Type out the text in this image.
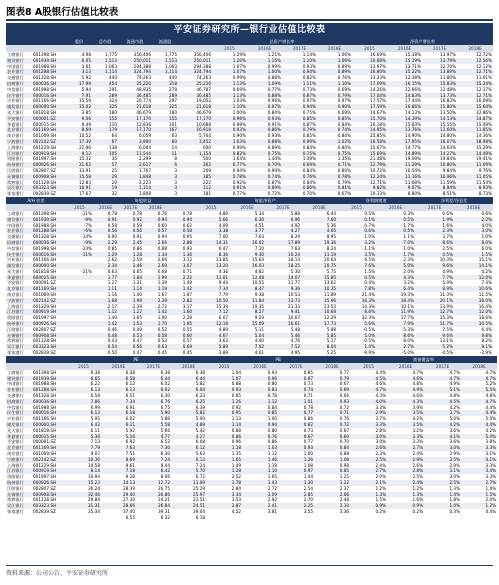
图表8 A股银行估值比较表
平安证券研究所—银行业估值比较表
		股价	总市值	流通市值	流通股		总资产增长率				净资产增长率			
							2015	2016E	2017E	2018E	2015	2016E	2017E	2018E
工商银行	601398.SH	4.98	1,775	356,406	1,775	356,406	1.29%	1.21%	1.14%	1.06%	16.69%	15.38%	13.97%	12.72%
建设银行	601939.SH	6.05	1,513	250,011	1,513	250,011	1.20%	1.15%	1.10%	1.06%	16.68%	15.19%	13.79%	12.56%
中国银行	601988.SH	3.61	1,063	294,388	1,063	294,388	1.07%	0.99%	0.93%	0.89%	13.97%	13.71%	12.70%	12.12%
农业银行	601288.SH	3.13	1,114	324,794	1,114	324,794	1.07%	1.00%	0.94%	0.89%	16.80%	15.22%	13.89%	12.71%
交通银行	601328.SH	5.92	440	74,263	440	74,263	0.99%	0.88%	0.82%	0.76%	13.23%	12.38%	11.80%	11.01%
招商银行	600036.SH	17.99	454	25,220	318	25,220	1.13%	1.09%	1.11%	1.10%	17.09%	16.15%	15.83%	15.24%
中信银行	601998.SH	5.94	291	48,935	278	46,787	0.69%	0.77%	0.73%	0.69%	14.26%	12.66%	12.48%	12.17%
民生银行	600016.SH	7.91	289	36,485	289	36,485	1.13%	0.88%	0.87%	0.79%	17.04%	14.83%	13.73%	12.71%
兴业银行	601166.SH	15.59	324	20,774	297	19,052	1.03%	0.96%	0.97%	0.97%	17.57%	17.44%	16.83%	16.09%
浦发银行	600000.SH	15.02	325	21,618	325	21,618	1.10%	0.97%	0.94%	0.90%	17.59%	16.86%	15.80%	15.64%
光大银行	601818.SH	3.85	180	46,679	180	46,679	1.00%	0.84%	0.75%	0.69%	14.67%	14.13%	13.50%	12.86%
平安银行	000001.SZ	9.06	155	17,170	155	17,170	0.96%	0.93%	0.85%	0.85%	15.70%	14.39%	14.13%	14.87%
华夏银行	600015.SH	9.49	110	12,836	101	10,688	0.98%	0.91%	0.87%	0.84%	16.18%	15.83%	15.55%	15.49%
北京银行	601169.SH	8.69	179	17,170	167	16,918	0.93%	0.86%	0.79%	0.74%	14.95%	13.76%	12.60%	11.85%
南京银行	601009.SH	10.52	64	6,059	63	5,764	0.90%	0.93%	0.85%	0.84%	15.85%	14.90%	14.80%	14.36%
宁波银行	002142.SZ	17.30	67	3,900	60	3,452	1.03%	0.88%	0.99%	1.02%	16.58%	17.95%	18.07%	18.98%
上海银行	601229.SH	22.96	138	6,004	14	600	0.99%	0.89%	0.84%	0.80%	15.67%	14.77%	14.63%	15.29%
江苏银行	600919.SH	9.12	105	11,544	11	1,154	0.82%	0.75%	0.75%	0.75%	15.69%	14.89%	14.27%	14.49%
贵阳银行	601997.SH	15.32	35	2,299	8	500	1.64%	1.44%	1.39%	1.35%	21.48%	19.09%	19.84%	19.41%
杭州银行	600926.SH	21.62	57	2,617	6	262	0.77%	0.70%	0.69%	0.71%	12.79%	11.29%	10.80%	11.09%
江阴银行	002807.SZ	13.91	25	1,767	3	209	0.94%	0.99%	0.84%	0.80%	10.72%	10.54%	9.84%	9.76%
无锡银行	600908.SH	15.58	29	1,848	3	185	0.78%	0.74%	0.76%	0.78%	12.24%	11.16%	10.96%	11.05%
常熟银行	601128.SH	12.83	29	2,223	3	222	0.92%	0.87%	0.84%	0.79%	12.71%	11.68%	11.59%	11.54%
吴江银行	603323.SH	16.91	19	1,114	3	112	0.91%	0.89%	0.86%	0.81%	9.82%	9.07%	8.94%	8.93%
张家港行	002839.SZ	17.67	32	1,808	3	181	0.77%	0.72%	0.70%	0.67%	10.13%	8.80%	8.51%	8.73%
A/H 价差			每股收益				每股净资产				净利润增速		净利差/净息差	
		2015	2016E	2017E	2018E		2015	2016E	2017E	2018E	2015	2016E	2017E	2018E
工商银行	601398.SH	-11%	0.78	0.78	0.76	0.78	4.80	5.34	5.88	6.44	0.5%	0.3%	0.6%	0.6%
建设银行	601939.SH	-9%	0.91	0.92	0.94	0.94	5.66	6.30	6.96	7.60	0.1%	0.5%	1.9%	2.2%
中国银行	601988.SH	-7%	0.58	0.59	0.60	0.62	4.09	4.51	4.92	5.36	0.7%	1.7%	1.6%	4.0%
农业银行	601288.SH	-6%	0.56	0.56	0.57	0.58	3.38	3.77	4.27	4.65	0.6%	0.5%	2.3%	3.0%
交通银行	601328.SH	-14%	0.90	0.91	0.94	0.95	7.00	7.63	8.29	8.95	1.0%	1.1%	3.7%	1.0%
招商银行	600036.SH	-9%	2.29	2.45	2.66	2.88	14.31	16.02	17.89	19.36	3.2%	7.0%	8.6%	8.0%
中信银行	601998.SH	-24%	0.85	0.86	0.88	0.93	6.47	7.10	7.63	8.24	1.1%	1.0%	2.5%	6.0%
民生银行	600016.SH	-11%	1.29	1.28	1.34	1.36	8.36	9.30	10.24	11.19	3.5%	1.7%	4.5%	1.5%
兴业银行	601166.SH		2.62	2.59	2.66	3.12	13.85	15.64	18.13	20.64	6.5%	2.3%	10.3%	15.1%
浦发银行	600000.SH		2.34	2.46	2.69	3.07	13.20	16.03	18.25	20.75	7.6%	5.0%	9.6%	14.1%
光大银行	601818.SH	-21%	0.63	0.65	0.68	0.71	4.36	4.82	5.30	5.75	1.5%	2.0%	4.9%	4.2%
华夏银行	600015.SH		1.77	1.84	1.99	2.22	11.01	12.48	14.07	15.85	0.5%	4.3%	7.7%	12.0%
平安银行	000001.SZ		1.27	1.31	1.39	1.49	9.44	10.55	11.77	13.02	0.4%	3.2%	5.9%	7.4%
北京银行	601169.SH		1.11	1.14	1.19	1.42	7.34	8.47	9.36	10.35	7.8%	6.4%	8.9%	10.6%
南京银行	601009.SH		1.16	1.40	1.67	1.87	7.79	9.38	10.53	11.89	21.4%	19.3%	11.3%	11.5%
宁波银行	002142.SZ		1.68	1.99	2.39	2.82	10.50	11.84	13.73	15.96	16.3%	18.4%	20.1%	18.0%
上海银行	601229.SH		2.17	2.39	2.72	3.17	15.39	19.35	21.33	23.53	14.3%	10.1%	13.9%	16.4%
江苏银行	600919.SH		1.12	1.27	1.42	1.60	7.12	8.27	9.41	10.68	8.6%	11.9%	12.7%	12.0%
贵阳银行	601997.SH		1.40	1.65	1.90	2.28	6.07	9.29	10.67	12.29	32.3%	17.7%	15.3%	18.6%
杭州银行	600926.SH		1.42	1.53	1.70	1.95	12.18	15.09	16.61	17.73	5.6%	7.9%	11.7%	10.5%
江阴银行	002807.SZ		0.46	0.49	0.52	0.55	4.89	5.11	5.48	5.88	-0.5%	5.3%	7.5%	6.4%
无锡银行	600908.SH		0.48	0.53	0.58	0.60	4.67	5.04	5.46	5.85	5.0%	8.6%	9.6%	9.8%
常熟银行	601128.SH		0.43	0.47	0.53	0.57	3.63	4.40	4.76	5.17	-0.5%	8.0%	13.1%	8.2%
吴江银行	603323.SH		0.54	0.56	0.63	0.69	5.89	7.02	7.52	8.04	1.4%	2.7%	5.2%	9.1%
张家港行	002839.SZ		0.50	0.47	0.45	0.45	3.89	4.61	4.95	5.25	-9.9%	-5.0%	-4.5%	-2.9%
		PE				PB				拨备覆盖率			
		2015	2016E	2017E	2018E	2015	2016E	2017E	2018E	2015	2016E	2017E	2018E
工商银行	601398.SH	6.38	6.38	6.38	6.38	1.04	0.93	0.85	0.77	4.4%	4.7%	4.7%	4.7%
建设银行	601939.SH	6.65	6.58	6.44	6.44	1.07	0.96	0.87	0.79	4.5%	4.6%	4.7%	4.7%
中国银行	601988.SH	6.22	6.12	6.02	5.82	0.88	0.80	0.73	0.67	4.6%	4.8%	4.9%	5.2%
农业银行	601288.SH	6.13	6.13	6.02	6.04	0.93	0.83	0.74	0.69	4.7%	4.9%	5.1%	5.5%
交通银行	601328.SH	6.58	6.51	6.30	6.23	0.85	0.78	0.71	0.66	4.3%	4.6%	4.8%	4.8%
招商银行	600036.SH	7.86	7.34	6.76	6.25	1.26	1.12	1.01	0.93	4.0%	4.3%	4.5%	4.7%
中信银行	601998.SH	6.99	6.91	6.75	6.39	0.92	0.84	0.78	0.72	3.3%	3.9%	4.2%	4.4%
民生银行	600016.SH	6.13	6.18	5.90	5.82	0.95	0.85	0.77	0.71	2.9%	3.5%	3.7%	4.4%
兴业银行	601166.SH	5.95	6.02	5.86	5.00	1.13	1.00	0.86	0.76	3.7%	4.2%	5.0%	5.0%
浦发银行	600000.SH	6.42	6.11	5.58	4.89	1.14	0.94	0.82	0.72	3.3%	3.5%	4.2%	4.4%
光大银行	601818.SH	6.11	5.92	5.66	5.42	0.88	0.80	0.73	0.67	2.8%	3.2%	3.6%	4.2%
华夏银行	600015.SH	5.36	5.16	4.77	4.27	0.86	0.76	0.67	0.60	3.0%	3.3%	4.1%	5.0%
平安银行	000001.SZ	7.13	6.92	6.52	6.08	0.96	0.86	0.77	0.70	3.0%	3.3%	3.6%	3.8%
北京银行	601169.SH	7.79	7.63	7.30	6.12	1.18	1.03	0.93	0.84	2.6%	2.7%	3.0%	3.3%
南京银行	601009.SH	9.07	7.51	6.30	5.63	1.35	1.12	1.00	0.88	2.3%	2.4%	2.9%	3.1%
宁波银行	002142.SZ	10.30	8.69	7.24	6.13	1.65	1.46	1.26	1.08	2.5%	2.9%	3.5%	4.1%
上海银行	601229.SH	10.58	9.61	8.44	7.24	1.49	1.19	1.08	0.98	2.4%	2.6%	2.9%	3.3%
江苏银行	600919.SH	8.14	7.18	6.42	5.70	1.28	1.10	0.97	0.85	2.7%	2.8%	3.1%	3.4%
贵阳银行	601997.SH	10.94	9.28	8.06	6.72	2.52	1.65	1.44	1.25	2.0%	2.5%	3.0%	3.3%
杭州银行	600926.SH	15.23	14.13	12.72	11.09	1.78	1.43	1.30	1.22	2.1%	2.4%	2.5%	2.7%
江阴银行	002807.SZ	30.24	28.39	26.75	25.29	2.84	2.72	2.54	2.37	1.2%	1.2%	1.3%	1.4%
无锡银行	600908.SH	32.46	29.40	26.86	25.97	3.34	3.09	2.85	2.66	1.3%	1.3%	1.4%	1.5%
常熟银行	601128.SH	29.84	27.30	24.21	22.51	3.53	2.92	2.70	2.48	1.5%	1.6%	1.8%	2.0%
吴江银行	603323.SH	31.31	28.66	26.84	24.51	2.87	2.41	2.25	2.10	0.9%	0.9%	1.0%	1.2%
张家港行	002839.SZ	35.34	37.40	39.31	39.04	4.52	3.81	3.55	3.36	0.2%	0.2%	0.3%	0.4%
			6.55	6.32	6.18								
资料来源：公司公告、平安证券研究所
